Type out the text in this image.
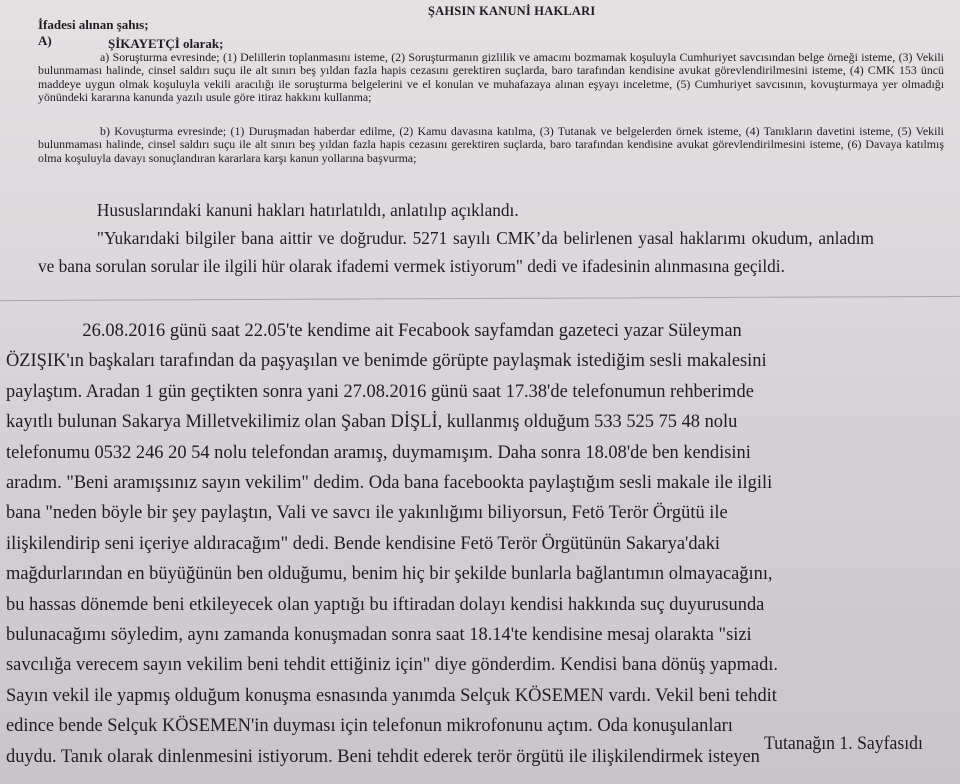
ŞAHSIN KANUNİ HAKLARI
İfadesi alınan şahıs;
A)	ŞİKAYETÇİ olarak;
a) Soruşturma evresinde; (1) Delillerin toplanmasını isteme, (2) Soruşturmanın gizlilik ve amacını bozmamak koşuluyla Cumhuriyet savcısından belge örneği isteme, (3) Vekili bulunmaması halinde, cinsel saldırı suçu ile alt sınırı beş yıldan fazla hapis cezasını gerektiren suçlarda, baro tarafından kendisine avukat görevlendirilmesini isteme, (4) CMK 153 üncü maddeye uygun olmak koşuluyla vekili aracılığı ile soruşturma belgelerini ve el konulan ve muhafazaya alınan eşyayı inceletme, (5) Cumhuriyet savcısının, kovuşturmaya yer olmadığı yönündeki kararına kanunda yazılı usule göre itiraz hakkını kullanma;
b) Kovuşturma evresinde; (1) Duruşmadan haberdar edilme, (2) Kamu davasına katılma, (3) Tutanak ve belgelerden örnek isteme, (4) Tanıkların davetini isteme, (5) Vekili bulunmaması halinde, cinsel saldırı suçu ile alt sınırı beş yıldan fazla hapis cezasını gerektiren suçlarda, baro tarafından kendisine avukat görevlendirilmesini isteme, (6) Davaya katılmış olma koşuluyla davayı sonuçlandıran kararlara karşı kanun yollarına başvurma;

Hususlarındaki kanuni hakları hatırlatıldı, anlatılıp açıklandı.

"Yukarıdaki bilgiler bana aittir ve doğrudur. 5271 sayılı CMK’da belirlenen yasal haklarımı okudum, anladım ve bana sorulan sorular ile ilgili hür olarak ifademi vermek istiyorum" dedi ve ifadesinin alınmasına geçildi.

26.08.2016 günü saat 22.05'te kendime ait Fecabook sayfamdan gazeteci yazar Süleyman
ÖZIŞIK'ın başkaları tarafından da paşyaşılan ve benimde görüpte paylaşmak istediğim sesli makalesini
paylaştım. Aradan 1 gün geçtikten sonra yani 27.08.2016 günü saat 17.38'de telefonumun rehberimde
kayıtlı bulunan Sakarya Milletvekilimiz olan Şaban DİŞLİ, kullanmış olduğum 533 525 75 48 nolu
telefonumu 0532 246 20 54 nolu telefondan aramış, duymamışım. Daha sonra 18.08'de ben kendisini
aradım. "Beni aramışsınız sayın vekilim" dedim. Oda bana facebookta paylaştığım sesli makale ile ilgili
bana "neden böyle bir şey paylaştın, Vali ve savcı ile yakınlığımı biliyorsun, Fetö Terör Örgütü ile
ilişkilendirip seni içeriye aldıracağım" dedi. Bende kendisine Fetö Terör Örgütünün Sakarya'daki
mağdurlarından en büyüğünün ben olduğumu, benim hiç bir şekilde bunlarla bağlantımın olmayacağını,
bu hassas dönemde beni etkileyecek olan yaptığı bu iftiradan dolayı kendisi hakkında suç duyurusunda
bulunacağımı söyledim, aynı zamanda konuşmadan sonra saat 18.14'te kendisine mesaj olarakta "sizi
savcılığa verecem sayın vekilim beni tehdit ettiğiniz için" diye gönderdim. Kendisi bana dönüş yapmadı.
Sayın vekil ile yapmış olduğum konuşma esnasında yanımda Selçuk KÖSEMEN vardı. Vekil beni tehdit
edince bende Selçuk KÖSEMEN'in duyması için telefonun mikrofonunu açtım. Oda konuşulanları
duydu. Tanık olarak dinlenmesini istiyorum. Beni tehdit ederek terör örgütü ile ilişkilendirmek isteyen
Tutanağın 1. Sayfasıdı
